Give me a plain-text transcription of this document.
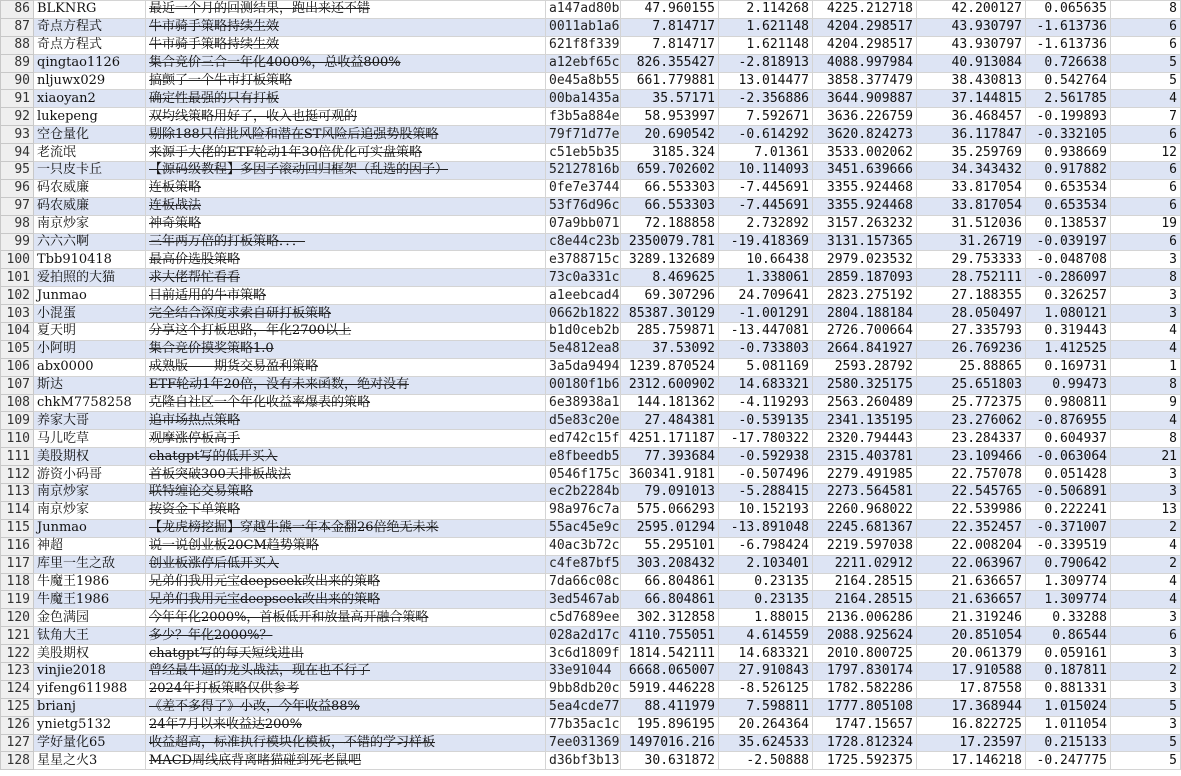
86	BLKNRG	最近一个月的回测结果，跑出来还不错	a147ad80b	47.960155	2.114268	4225.212718	42.200127	0.065635	8
87	奇点方程式	牛市骑手策略持续生效	0011ab1a6	7.814717	1.621148	4204.298517	43.930797	-1.613736	6
88	奇点方程式	牛市骑手策略持续生效	621f8f339	7.814717	1.621148	4204.298517	43.930797	-1.613736	6
89	qingtao1126	集合竞价三合一年化4000%，总收益800%	a12ebf65c	826.355427	-2.818913	4088.997984	40.913084	0.726638	5
90	nljuwx029	搞颤了一个牛市打板策略	0e45a8b55	661.779881	13.014477	3858.377479	38.430813	0.542764	5
91	xiaoyan2	确定性最强的只有打板	00ba1435a	35.57171	-2.356886	3644.909887	37.144815	2.561785	4
92	lukepeng	双均线策略用好了，收入也挺可观的	f3b5a884e	58.953997	7.592671	3636.226759	36.468457	-0.199893	7
93	空仓量化	剔除188只信批风险和潜在ST风险后追强势股策略	79f71d77e	20.690542	-0.614292	3620.824273	36.117847	-0.332105	6
94	老流氓	来源于大佬的ETF轮动1年30倍优化可实盘策略	c51eb5b35	3185.324	7.01361	3533.002062	35.259769	0.938669	12
95	一只皮卡丘	【源码级教程】多因子滚动回归框架（乱选的因子）	52127816b	659.702602	10.114093	3451.639666	34.343432	0.917882	6
96	码农威廉	连板策略	0fe7e3744	66.553303	-7.445691	3355.924468	33.817054	0.653534	6
97	码农威廉	连板战法	53f76d96c	66.553303	-7.445691	3355.924468	33.817054	0.653534	6
98	南京炒家	神奇策略	07a9bb071	72.188858	2.732892	3157.263232	31.512036	0.138537	19
99	六六六啊	三年两万倍的打板策略．．．	c8e44c23b	2350079.781	-19.418369	3131.157365	31.26719	-0.039197	6
100	Tbb910418	最高价选股策略	e3788715c	3289.132689	10.66438	2979.023532	29.753333	-0.048708	3
101	爱拍照的大猫	求大佬帮忙看看	73c0a331c	8.469625	1.338061	2859.187093	28.752111	-0.286097	8
102	Junmao	目前适用的牛市策略	a1eebcad4	69.307296	24.709641	2823.275192	27.188355	0.326257	3
103	小混蛋	完全结合深度求索自研打板策略	0662b1822	85387.30129	-1.001291	2804.188184	28.050497	1.080121	3
104	夏天明	分享这个打板思路，年化2700以上	b1d0ceb2b	285.759871	-13.447081	2726.700664	27.335793	0.319443	4
105	小阿明	集合竞价摸奖策略1.0	5e4812ea8	37.53092	-0.733803	2664.841927	26.769236	1.412525	4
106	abx0000	成熟版——期货交易盈利策略	3a5da9494	1239.870524	5.081169	2593.28792	25.88865	0.169731	1
107	斯达	ETF轮动1年20倍，没有未来函数，绝对没有	00180f1b6	2312.600902	14.683321	2580.325175	25.651803	0.99473	8
108	chkM7758258	克隆自社区一个年化收益率爆表的策略	6e38938a1	144.181362	-4.119293	2563.260489	25.772375	0.980811	9
109	养家大哥	追市场热点策略	d5e83c20e	27.484381	-0.539135	2341.135195	23.276062	-0.876955	4
110	马儿吃草	观摩涨停板高手	ed742c15f	4251.171187	-17.780322	2320.794443	23.284337	0.604937	8
111	美股期权	chatgpt写的低开买入	e8fbeedb5	77.393684	-0.592938	2315.403781	23.109466	-0.063064	21
112	游资小码哥	首板突破300天排板战法	0546f175c	360341.9181	-0.507496	2279.491985	22.757078	0.051428	3
113	南京炒家	联特缠论交易策略	ec2b2284b	79.091013	-5.288415	2273.564581	22.545765	-0.506891	3
114	南京炒家	按资金下单策略	98a976c7a	575.066293	10.152193	2260.968022	22.539986	0.222241	13
115	Junmao	【龙虎榜挖掘】穿越牛熊一年本金翻26倍绝无未来	55ac45e9c	2595.01294	-13.891048	2245.681367	22.352457	-0.371007	2
116	神超	说一说创业板20CM趋势策略	40ac3b72c	55.295101	-6.798424	2219.597038	22.008204	-0.339519	4
117	库里一生之敌	创业板涨停后低开买入	c4fe87bf5	303.208432	2.103401	2211.02912	22.063967	0.790642	2
118	牛魔王1986	兄弟们我用元宝deepseek改出来的策略	7da66c08c	66.804861	0.23135	2164.28515	21.636657	1.309774	4
119	牛魔王1986	兄弟们我用元宝deepseek改出来的策略	3ed5467ab	66.804861	0.23135	2164.28515	21.636657	1.309774	4
120	金色满园	今年年化2000%，首板低开和放量高开融合策略	c5d7689ee	302.312858	1.88015	2136.006286	21.319246	0.33288	3
121	钛角大王	多少？年化2000%？	028a2d17c	4110.755051	4.614559	2088.925624	20.851054	0.86544	6
122	美股期权	chatgpt写的每天短线进出	3c6d1809f	1814.542111	14.683321	2010.800725	20.061379	0.059161	3
123	vinjie2018	曾经最牛逼的龙头战法，现在也不行了	33e91044	6668.065007	27.910843	1797.830174	17.910588	0.187811	2
124	yifeng611988	2024年打板策略仅供参考	9bb8db20c	5919.446228	-8.526125	1782.582286	17.87558	0.881331	3
125	brianj	《差不多得了》小改，今年收益88%	5ea4cde77	88.411979	7.598811	1777.805108	17.368944	1.015024	5
126	ynietg5132	24年7月以来收益达200%	77b35ac1c	195.896195	20.264364	1747.15657	16.822725	1.011054	3
127	学好量化65	收益超高，标准执行模块化模板，不错的学习样板	7ee031369	1497016.216	35.624533	1728.812324	17.23597	0.215133	5
128	星星之火3	MACD周线底背离睹猫碰到死老鼠吧	d36bf3b13	30.631872	-2.50888	1725.592375	17.146218	-0.247775	5
